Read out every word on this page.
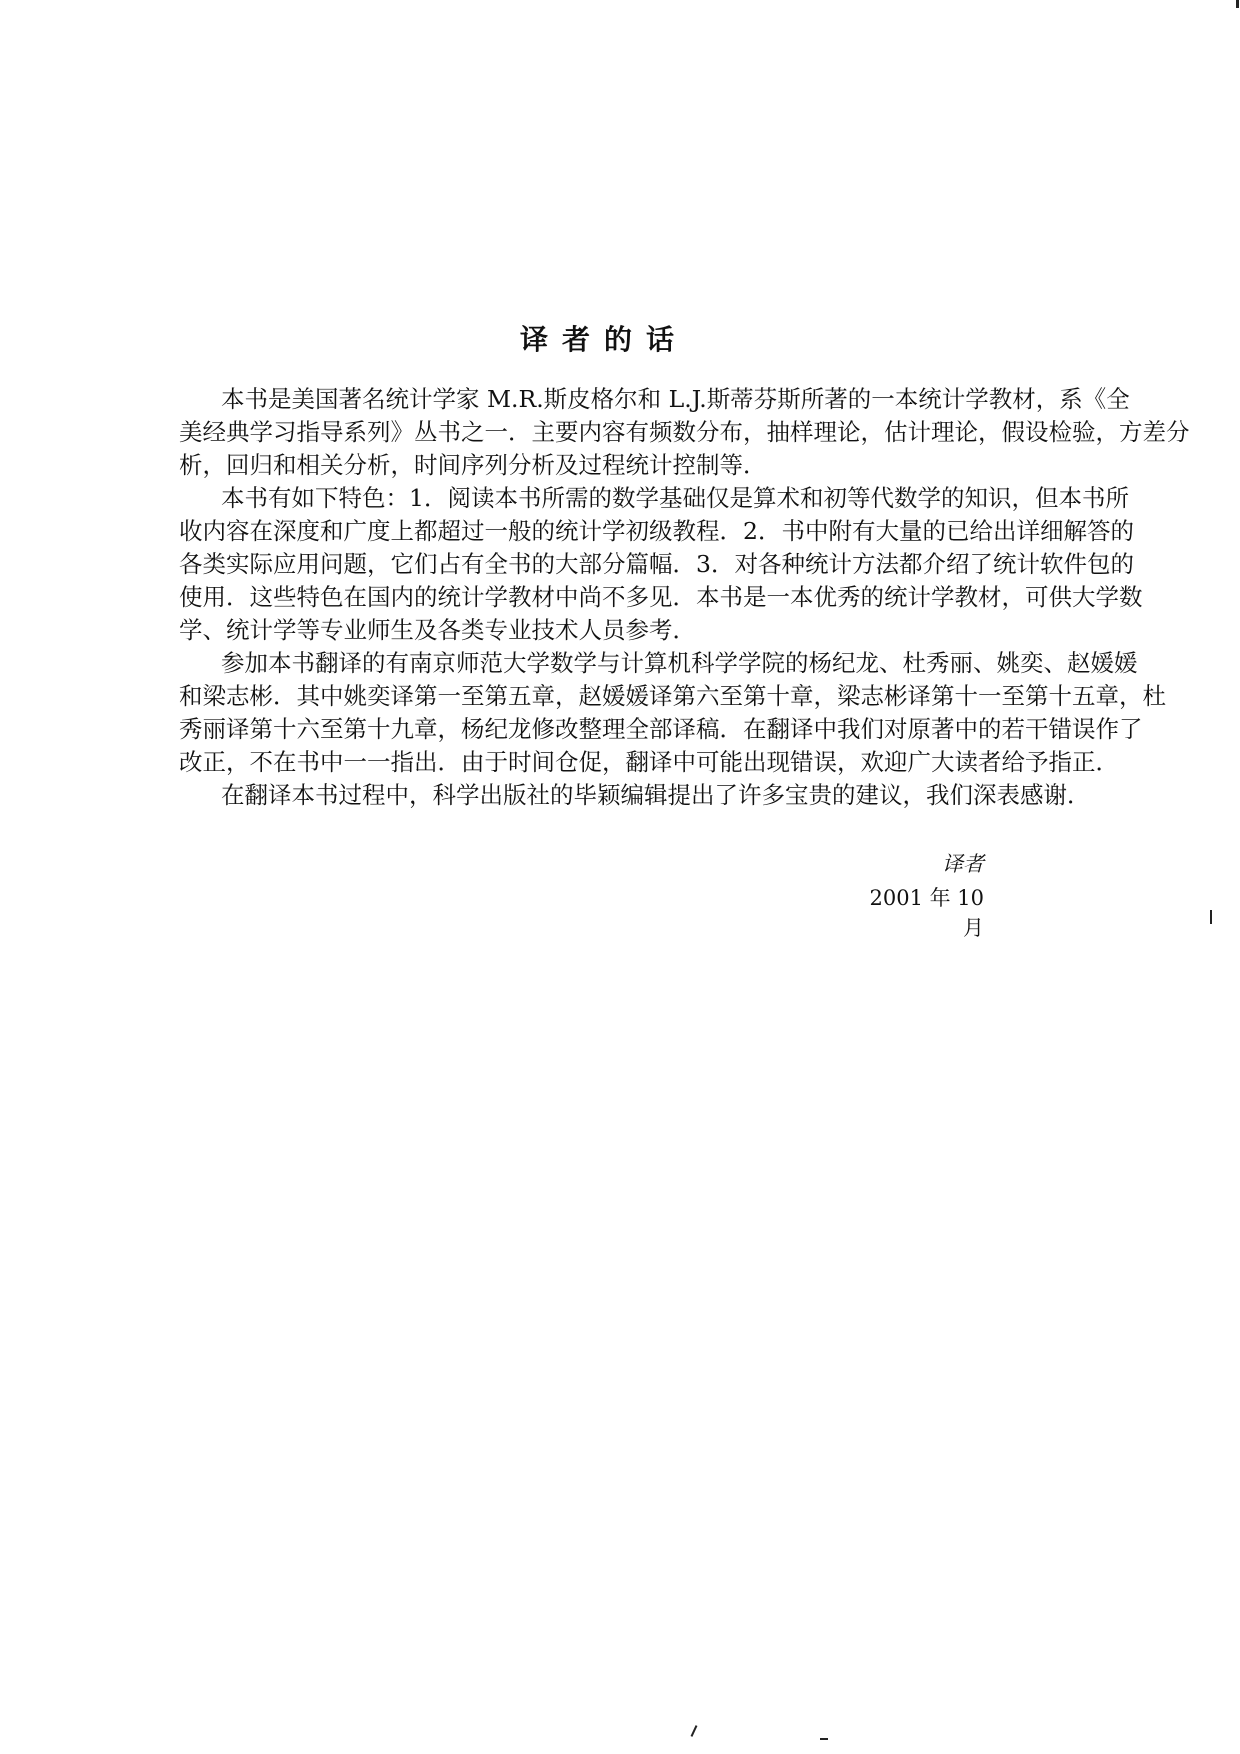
译者的话
本书是美国著名统计学家 M.R.斯皮格尔和 L.J.斯蒂芬斯所著的一本统计学教材，系《全
美经典学习指导系列》丛书之一．主要内容有频数分布，抽样理论，估计理论，假设检验，方差分
析，回归和相关分析，时间序列分析及过程统计控制等．
本书有如下特色：1．阅读本书所需的数学基础仅是算术和初等代数学的知识，但本书所
收内容在深度和广度上都超过一般的统计学初级教程．2．书中附有大量的已给出详细解答的
各类实际应用问题，它们占有全书的大部分篇幅．3．对各种统计方法都介绍了统计软件包的
使用．这些特色在国内的统计学教材中尚不多见．本书是一本优秀的统计学教材，可供大学数
学、统计学等专业师生及各类专业技术人员参考．
参加本书翻译的有南京师范大学数学与计算机科学学院的杨纪龙、杜秀丽、姚奕、赵媛媛
和梁志彬．其中姚奕译第一至第五章，赵媛媛译第六至第十章，梁志彬译第十一至第十五章，杜
秀丽译第十六至第十九章，杨纪龙修改整理全部译稿．在翻译中我们对原著中的若干错误作了
改正，不在书中一一指出．由于时间仓促，翻译中可能出现错误，欢迎广大读者给予指正．
在翻译本书过程中，科学出版社的毕颖编辑提出了许多宝贵的建议，我们深表感谢．
译者
2001 年 10 月
